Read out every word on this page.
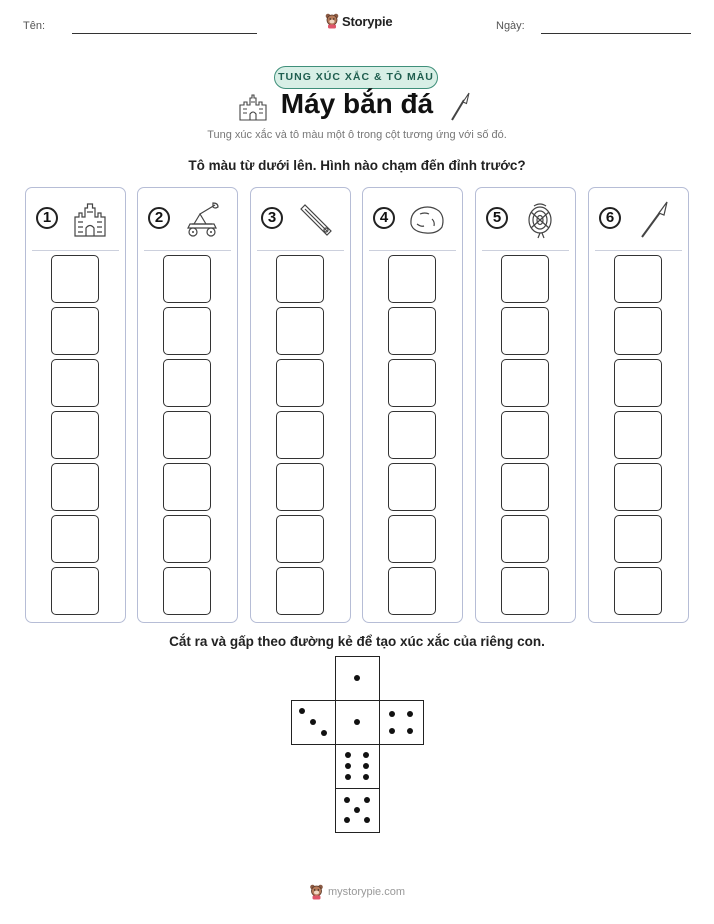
Tên:	Storypie	Ngày:
TUNG XÚC XẮC & TÔ MÀU
Máy bắn đá
Tung xúc xắc và tô màu một ô trong cột tương ứng với số đó.
Tô màu từ dưới lên. Hình nào chạm đến đỉnh trước?
1	2	3	4	5	6
Cắt ra và gấp theo đường kẻ để tạo xúc xắc của riêng con.
mystorypie.com
